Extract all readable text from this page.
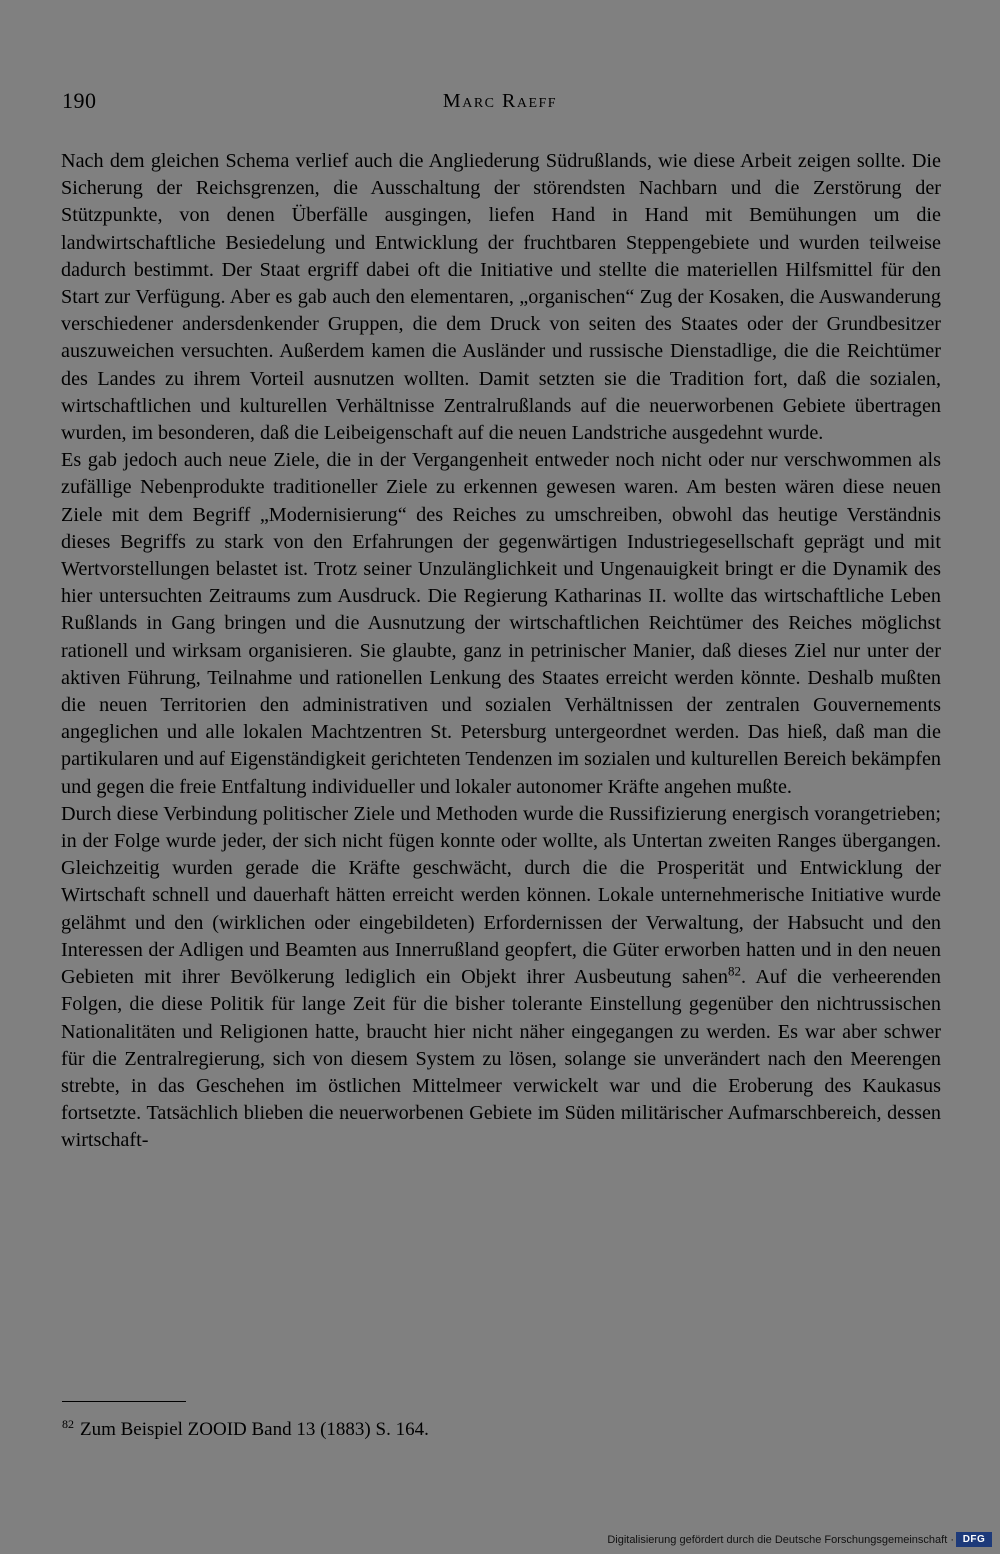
190	Marc Raeff

Nach dem gleichen Schema verlief auch die Angliederung Südrußlands, wie diese Arbeit zeigen sollte. Die Sicherung der Reichsgrenzen, die Ausschaltung der störendsten Nachbarn und die Zerstörung der Stützpunkte, von denen Überfälle ausgingen, liefen Hand in Hand mit Bemühungen um die landwirtschaftliche Besiedelung und Entwicklung der fruchtbaren Steppengebiete und wurden teilweise dadurch bestimmt. Der Staat ergriff dabei oft die Initiative und stellte die materiellen Hilfsmittel für den Start zur Verfügung. Aber es gab auch den elementaren, „organischen“ Zug der Kosaken, die Auswanderung verschiedener andersdenkender Gruppen, die dem Druck von seiten des Staates oder der Grundbesitzer auszuweichen versuchten. Außerdem kamen die Ausländer und russische Dienstadlige, die die Reichtümer des Landes zu ihrem Vorteil ausnutzen wollten. Damit setzten sie die Tradition fort, daß die sozialen, wirtschaftlichen und kulturellen Verhältnisse Zentralrußlands auf die neuerworbenen Gebiete übertragen wurden, im besonderen, daß die Leibeigenschaft auf die neuen Landstriche ausgedehnt wurde.

Es gab jedoch auch neue Ziele, die in der Vergangenheit entweder noch nicht oder nur verschwommen als zufällige Nebenprodukte traditioneller Ziele zu erkennen gewesen waren. Am besten wären diese neuen Ziele mit dem Begriff „Modernisierung“ des Reiches zu umschreiben, obwohl das heutige Verständnis dieses Begriffs zu stark von den Erfahrungen der gegenwärtigen Industriegesellschaft geprägt und mit Wertvorstellungen belastet ist. Trotz seiner Unzulänglichkeit und Ungenauigkeit bringt er die Dynamik des hier untersuchten Zeitraums zum Ausdruck. Die Regierung Katharinas II. wollte das wirtschaftliche Leben Rußlands in Gang bringen und die Ausnutzung der wirtschaftlichen Reichtümer des Reiches möglichst rationell und wirksam organisieren. Sie glaubte, ganz in petrinischer Manier, daß dieses Ziel nur unter der aktiven Führung, Teilnahme und rationellen Lenkung des Staates erreicht werden könnte. Deshalb mußten die neuen Territorien den administrativen und sozialen Verhältnissen der zentralen Gouvernements angeglichen und alle lokalen Machtzentren St. Petersburg untergeordnet werden. Das hieß, daß man die partikularen und auf Eigenständigkeit gerichteten Tendenzen im sozialen und kulturellen Bereich bekämpfen und gegen die freie Entfaltung individueller und lokaler autonomer Kräfte angehen mußte.

Durch diese Verbindung politischer Ziele und Methoden wurde die Russifizierung energisch vorangetrieben; in der Folge wurde jeder, der sich nicht fügen konnte oder wollte, als Untertan zweiten Ranges übergangen. Gleichzeitig wurden gerade die Kräfte geschwächt, durch die die Prosperität und Entwicklung der Wirtschaft schnell und dauerhaft hätten erreicht werden können. Lokale unternehmerische Initiative wurde gelähmt und den (wirklichen oder eingebildeten) Erfordernissen der Verwaltung, der Habsucht und den Interessen der Adligen und Beamten aus Innerrußland geopfert, die Güter erworben hatten und in den neuen Gebieten mit ihrer Bevölkerung lediglich ein Objekt ihrer Ausbeutung sahen$^{82}$. Auf die verheerenden Folgen, die diese Politik für lange Zeit für die bisher tolerante Einstellung gegenüber den nichtrussischen Nationalitäten und Religionen hatte, braucht hier nicht näher eingegangen zu werden. Es war aber schwer für die Zentralregierung, sich von diesem System zu lösen, solange sie unverändert nach den Meerengen strebte, in das Geschehen im östlichen Mittelmeer verwickelt war und die Eroberung des Kaukasus fortsetzte. Tatsächlich blieben die neuerworbenen Gebiete im Süden militärischer Aufmarschbereich, dessen wirtschaft-

$^{82}$ Zum Beispiel ZOOID Band 13 (1883) S. 164.
Digitalisierung gefördert durch die Deutsche Forschungsgemeinschaft · DFG
